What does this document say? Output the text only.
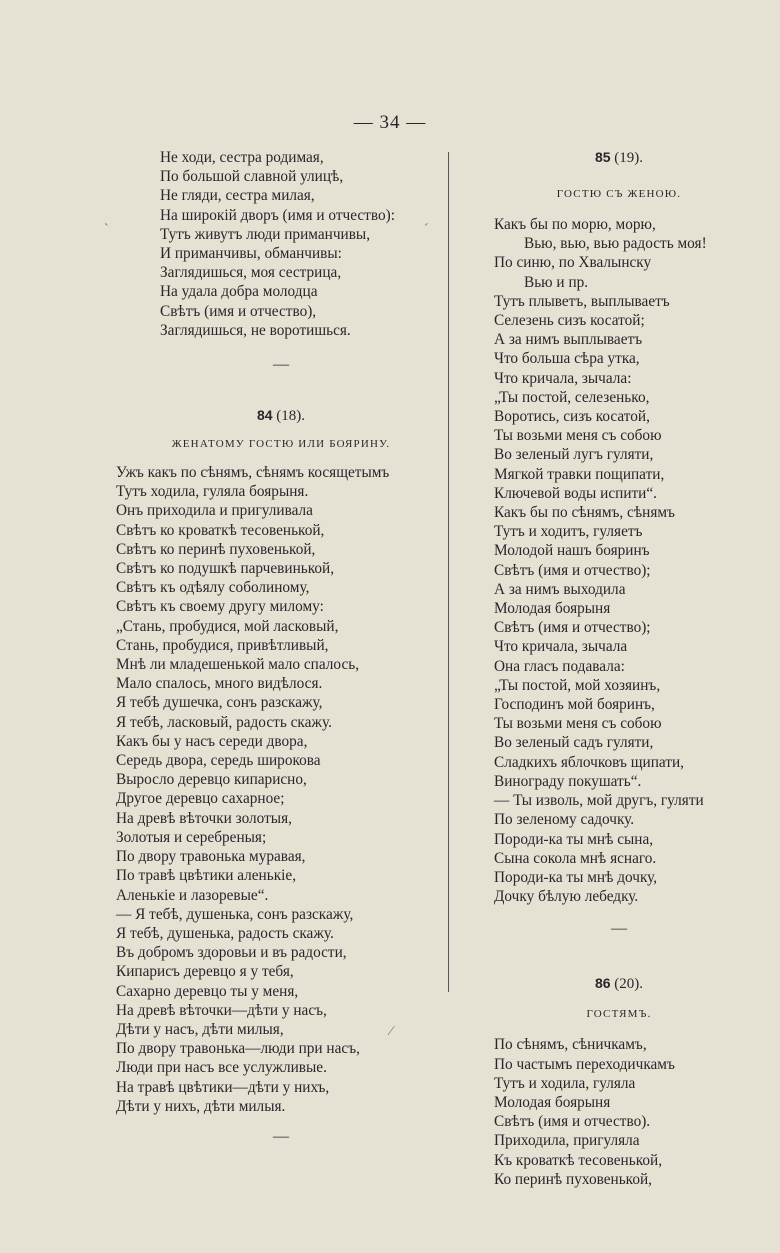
— 34 —
Не ходи, сестра родимая,
По большой славной улицѣ,
Не гляди, сестра милая,
На широкій дворъ (имя и отчество):
Тутъ живутъ люди приманчивы,
И приманчивы, обманчивы:
Заглядишься, моя сестрица,
На удала добра молодца
Свѣтъ (имя и отчество),
Заглядишься, не воротишься.
—
84 (18).
ЖЕНАТОМУ ГОСТЮ ИЛИ БОЯРИНУ.
Ужъ какъ по сѣнямъ, сѣнямъ косящетымъ
Тутъ ходила, гуляла боярыня.
Онъ приходила и пригуливала
Свѣтъ ко кроваткѣ тесовенькой,
Свѣтъ ко перинѣ пуховенькой,
Свѣтъ ко подушкѣ парчевинькой,
Свѣтъ къ одѣялу соболиному,
Свѣтъ къ своему другу милому:
„Стань, пробудися, мой ласковый,
Стань, пробудися, привѣтливый,
Мнѣ ли младешенькой мало спалось,
Мало спалось, много видѣлося.
Я тебѣ душечка, сонъ разскажу,
Я тебѣ, ласковый, радость скажу.
Какъ бы у насъ середи двора,
Середь двора, середь широкова
Выросло деревцо кипарисно,
Другое деревцо сахарное;
На древѣ вѣточки золотыя,
Золотыя и серебреныя;
По двору травонька муравая,
По травѣ цвѣтики аленькіе,
Аленькіе и лазоревые“.
— Я тебѣ, душенька, сонъ разскажу,
Я тебѣ, душенька, радость скажу.
Въ добромъ здоровьи и въ радости,
Кипарисъ деревцо я у тебя,
Сахарно деревцо ты у меня,
На древѣ вѣточки—дѣти у насъ,
Дѣти у насъ, дѣти милыя,
По двору травонька—люди при насъ,
Люди при насъ все услужливые.
На травѣ цвѣтики—дѣти у нихъ,
Дѣти у нихъ, дѣти милыя.
—
85 (19).
ГОСТЮ СЪ ЖЕНОЮ.
Какъ бы по морю, морю,
Вью, вью, вью радость моя!
По синю, по Хвалынску
Вью и пр.
Тутъ плыветъ, выплываетъ
Селезень сизъ косатой;
А за нимъ выплываетъ
Что больша сѣра утка,
Что кричала, зычала:
„Ты постой, селезенько,
Воротись, сизъ косатой,
Ты возьми меня съ собою
Во зеленый лугъ гуляти,
Мягкой травки пощипати,
Ключевой воды испити“.
Какъ бы по сѣнямъ, сѣнямъ
Тутъ и ходитъ, гуляетъ
Молодой нашъ бояринъ
Свѣтъ (имя и отчество);
А за нимъ выходила
Молодая боярыня
Свѣтъ (имя и отчество);
Что кричала, зычала
Она гласъ подавала:
„Ты постой, мой хозяинъ,
Господинъ мой бояринъ,
Ты возьми меня съ собою
Во зеленый садъ гуляти,
Сладкихъ яблочковъ щипати,
Винограду покушать“.
— Ты изволь, мой другъ, гуляти
По зеленому садочку.
Породи-ка ты мнѣ сына,
Сына сокола мнѣ яснаго.
Породи-ка ты мнѣ дочку,
Дочку бѣлую лебедку.
—
86 (20).
ГОСТЯМЪ.
По сѣнямъ, сѣничкамъ,
По частымъ переходичкамъ
Тутъ и ходила, гуляла
Молодая боярыня
Свѣтъ (имя и отчество).
Приходила, пригуляла
Къ кроваткѣ тесовенькой,
Ко перинѣ пуховенькой,
ˋ	ˊ
⁄
